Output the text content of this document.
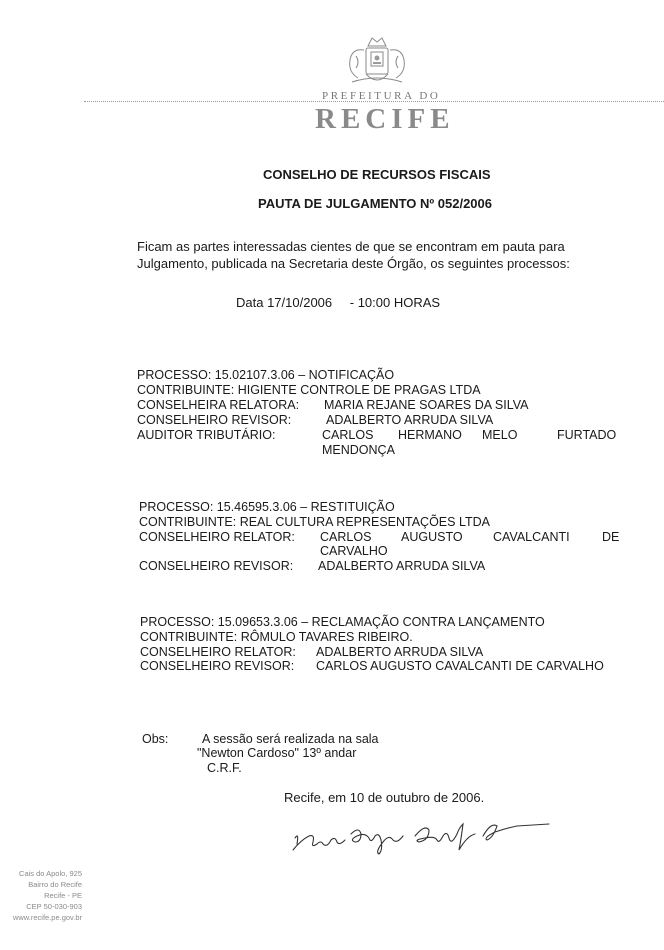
PREFEITURA DO
RECIFE
CONSELHO DE RECURSOS FISCAIS
PAUTA DE JULGAMENTO Nº 052/2006
Ficam as partes interessadas cientes de que se encontram em pauta para
Julgamento, publicada na Secretaria deste Órgão, os seguintes processos:
Data 17/10/2006 - 10:00 HORAS
PROCESSO: 15.02107.3.06 – NOTIFICAÇÃO
CONTRIBUINTE: HIGIENTE CONTROLE DE PRAGAS LTDA
CONSELHEIRA RELATORA: MARIA REJANE SOARES DA SILVA
CONSELHEIRO REVISOR:	ADALBERTO ARRUDA SILVA
AUDITOR TRIBUTÁRIO:	CARLOS HERMANO MELO	FURTADO
MENDONÇA
PROCESSO: 15.46595.3.06 – RESTITUIÇÃO
CONTRIBUINTE: REAL CULTURA REPRESENTAÇÕES LTDA
CONSELHEIRO RELATOR: CARLOS AUGUSTO CAVALCANTI	DE
CARVALHO
CONSELHEIRO REVISOR: ADALBERTO ARRUDA SILVA
PROCESSO: 15.09653.3.06 – RECLAMAÇÃO CONTRA LANÇAMENTO
CONTRIBUINTE: RÔMULO TAVARES RIBEIRO.
CONSELHEIRO RELATOR: ADALBERTO ARRUDA SILVA
CONSELHEIRO REVISOR: CARLOS AUGUSTO CAVALCANTI DE CARVALHO
Obs:	A sessão será realizada na sala
"Newton Cardoso" 13º andar
C.R.F.
Recife, em 10 de outubro de 2006.
Cais do Apolo, 925
Bairro do Recife
Recife - PE
CEP 50-030-903
www.recife.pe.gov.br
